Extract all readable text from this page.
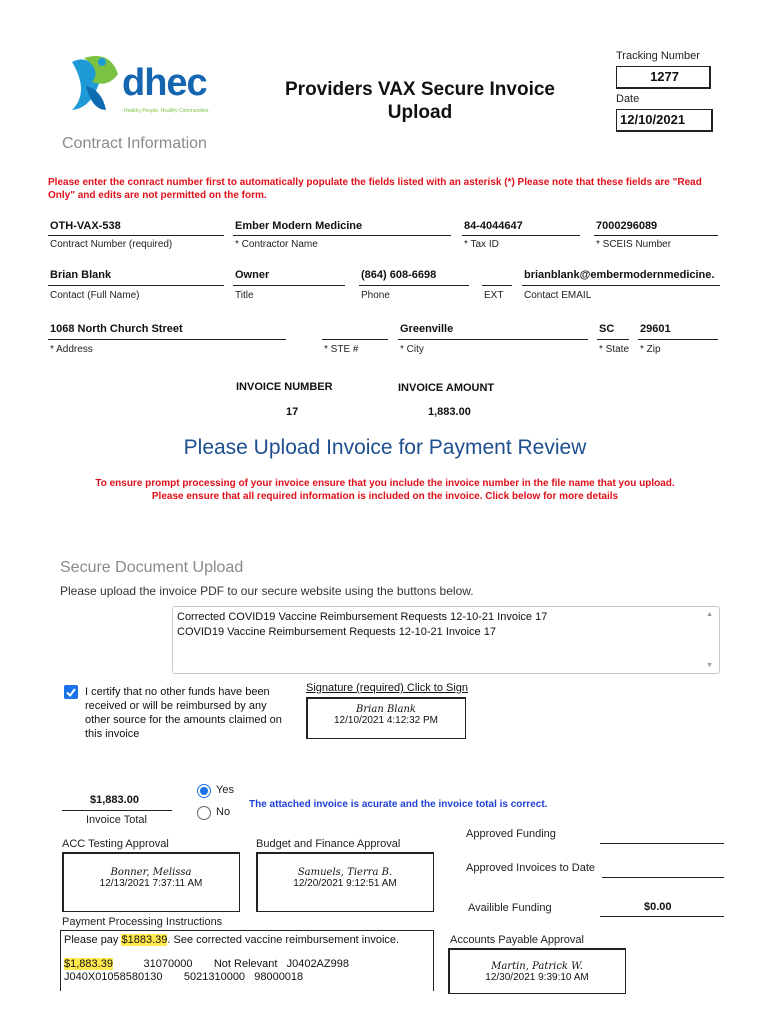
dhec
Healthy People. Healthy Communities.
Providers VAX Secure Invoice
Upload
Tracking Number
1277
Date
12/10/2021
Contract Information
Please enter the conract number first to automatically populate the fields listed with an asterisk (*) Please note that these fields are "Read Only" and edits are not permitted on the form.
OTH-VAX-538
Contract Number (required)
Ember Modern Medicine
* Contractor Name
84-4044647
* Tax ID
7000296089
* SCEIS Number
Brian Blank
Contact (Full Name)
Owner
Title
(864) 608-6698
Phone	EXT
brianblank@embermodernmedicine.
Contact EMAIL
1068 North Church Street
* Address	* STE #
Greenville
* City
SC
* State
29601
* Zip
INVOICE NUMBER
17
INVOICE AMOUNT
1,883.00
Please Upload Invoice for Payment Review
To ensure prompt processing of your invoice ensure that you include the invoice number in the file name that you upload.
Please ensure that all required information is included on the invoice. Click below for more details
Secure Document Upload
Please upload the invoice PDF to our secure website using the buttons below.
Corrected COVID19 Vaccine Reimbursement Requests 12-10-21 Invoice 17
COVID19 Vaccine Reimbursement Requests 12-10-21 Invoice 17
▲
▼
I certify that no other funds have been
received or will be reimbursed by any
other source for the amounts claimed on
this invoice
Signature (required) Click to Sign
Brian Blank
12/10/2021 4:12:32 PM
$1,883.00
Invoice Total
Yes
No
The attached invoice is acurate and the invoice total is correct.
ACC Testing Approval
Bonner, Melissa
12/13/2021 7:37:11 AM
Budget and Finance Approval
Samuels, Tierra B.
12/20/2021 9:12:51 AM
Approved Funding
Approved Invoices to Date
Availible Funding	$0.00
Accounts Payable Approval
Martin, Patrick W.
12/30/2021 9:39:10 AM
Payment Processing Instructions
Please pay $1883.39. See corrected vaccine reimbursement invoice.
$1,883.39	31070000       Not Relevant   J0402AZ998
J040X01058580130       5021310000   98000018
